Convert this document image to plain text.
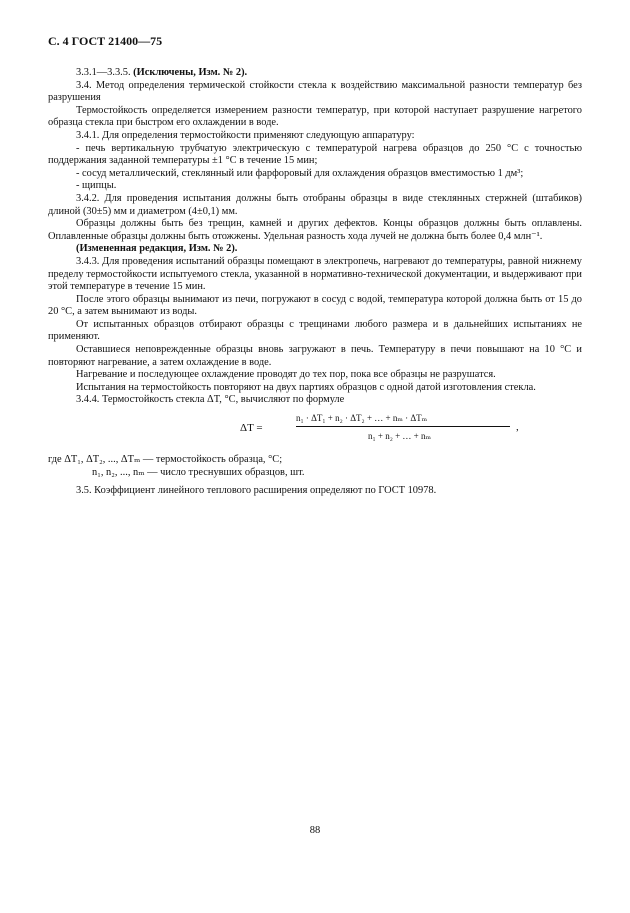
С. 4 ГОСТ 21400—75

3.3.1—3.3.5. (Исключены, Изм. № 2).

3.4. Метод определения термической стойкости стекла к воздействию максимальной разности температур без разрушения

Термостойкость определяется измерением разности температур, при которой наступает разрушение нагретого образца стекла при быстром его охлаждении в воде.

3.4.1. Для определения термостойкости применяют следующую аппаратуру:

- печь вертикальную трубчатую электрическую с температурой нагрева образцов до 250 °С с точностью поддержания заданной температуры ±1 °С в течение 15 мин;

- сосуд металлический, стеклянный или фарфоровый для охлаждения образцов вместимостью 1 дм³;

- щипцы.

3.4.2. Для проведения испытания должны быть отобраны образцы в виде стеклянных стержней (штабиков) длиной (30±5) мм и диаметром (4±0,1) мм.

Образцы должны быть без трещин, камней и других дефектов. Концы образцов должны быть оплавлены. Оплавленные образцы должны быть отожжены. Удельная разность хода лучей не должна быть более 0,4 млн⁻¹.

(Измененная редакция, Изм. № 2).

3.4.3. Для проведения испытаний образцы помещают в электропечь, нагревают до температуры, равной нижнему пределу термостойкости испытуемого стекла, указанной в нормативно-технической документации, и выдерживают при этой температуре в течение 15 мин.

После этого образцы вынимают из печи, погружают в сосуд с водой, температура которой должна быть от 15 до 20 °С, а затем вынимают из воды.

От испытанных образцов отбирают образцы с трещинами любого размера и в дальнейших испытаниях не применяют.

Оставшиеся неповрежденные образцы вновь загружают в печь. Температуру в печи повышают на 10 °С и повторяют нагревание, а затем охлаждение в воде.

Нагревание и последующее охлаждение проводят до тех пор, пока все образцы не разрушатся.

Испытания на термостойкость повторяют на двух партиях образцов с одной датой изготовления стекла.

3.4.4. Термостойкость стекла ΔT, °С, вычисляют по формуле

ΔT =
n₁ · ΔT₁ + n₂ · ΔT₂ + … + nₘ · ΔTₘ
n₁ + n₂ + … + nₘ
,

где ΔT₁, ΔT₂, ..., ΔTₘ — термостойкость образца, °С;

n₁, n₂, ..., nₘ — число треснувших образцов, шт.

3.5. Коэффициент линейного теплового расширения определяют по ГОСТ 10978.

88
